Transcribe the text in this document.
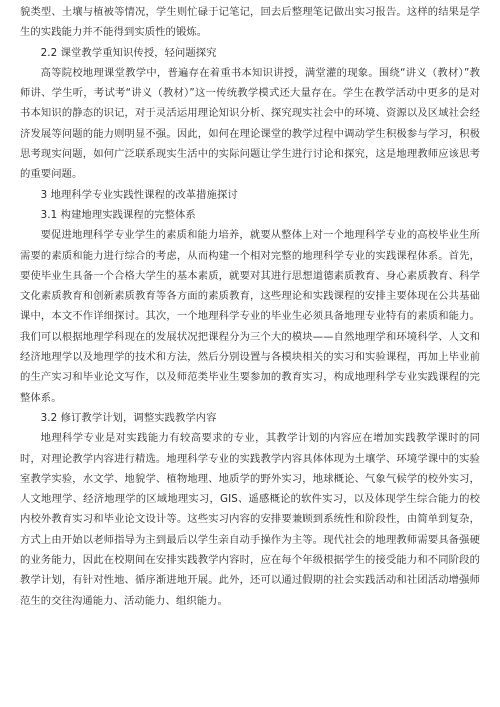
貌类型、土壤与植被等情况，学生则忙碌于记笔记，回去后整理笔记做出实习报告。这样的结果是学生的实践能力并不能得到实质性的锻炼。

2.2 课堂教学重知识传授，轻问题探究

高等院校地理课堂教学中，普遍存在着重书本知识讲授，满堂灌的现象。围绕“讲义（教材）”教师讲、学生听，考试考“讲义（教材）”这一传统教学模式还大量存在。学生在教学活动中更多的是对书本知识的静态的识记，对于灵活运用理论知识分析、探究现实社会中的环境、资源以及区域社会经济发展等问题的能力则明显不强。因此，如何在理论课堂的教学过程中调动学生积极参与学习，积极思考现实问题，如何广泛联系现实生活中的实际问题让学生进行讨论和探究，这是地理教师应该思考的重要问题。

3 地理科学专业实践性课程的改革措施探讨
3.1 构建地理实践课程的完整体系

要促进地理科学专业学生的素质和能力培养，就要从整体上对一个地理科学专业的高校毕业生所需要的素质和能力进行综合的考虑，从而构建一个相对完整的地理科学专业的实践课程体系。首先，要使毕业生具备一个合格大学生的基本素质，就要对其进行思想道德素质教育、身心素质教育、科学文化素质教育和创新素质教育等各方面的素质教育，这些理论和实践课程的安排主要体现在公共基础课中，本文不作详细探讨。其次，一个地理科学专业的毕业生必须具备地理专业特有的素质和能力。我们可以根据地理学科现在的发展状况把课程分为三个大的模块——自然地理学和环境科学、人文和经济地理学以及地理学的技术和方法，然后分别设置与各模块相关的实习和实验课程，再加上毕业前的生产实习和毕业论文写作，以及师范类毕业生要参加的教育实习，构成地理科学专业实践课程的完整体系。

3.2 修订教学计划，调整实践教学内容

地理科学专业是对实践能力有较高要求的专业，其教学计划的内容应在增加实践教学课时的同时，对理论教学内容进行精选。地理科学专业的实践教学内容具体体现为土壤学、环境学课中的实验室教学实验，水文学、地貌学、植物地理、地质学的野外实习，地球概论、气象气候学的校外实习，人文地理学、经济地理学的区域地理实习，GIS、遥感概论的软件实习，以及体现学生综合能力的校内校外教育实习和毕业论文设计等。这些实习内容的安排要兼顾到系统性和阶段性，由简单到复杂，方式上由开始以老师指导为主到最后以学生亲自动手操作为主等。现代社会的地理教师需要具备强硬的业务能力，因此在校期间在安排实践教学内容时，应在每个年级根据学生的接受能力和不同阶段的教学计划，有针对性地、循序渐进地开展。此外，还可以通过假期的社会实践活动和社团活动增强师范生的交往沟通能力、活动能力、组织能力。
